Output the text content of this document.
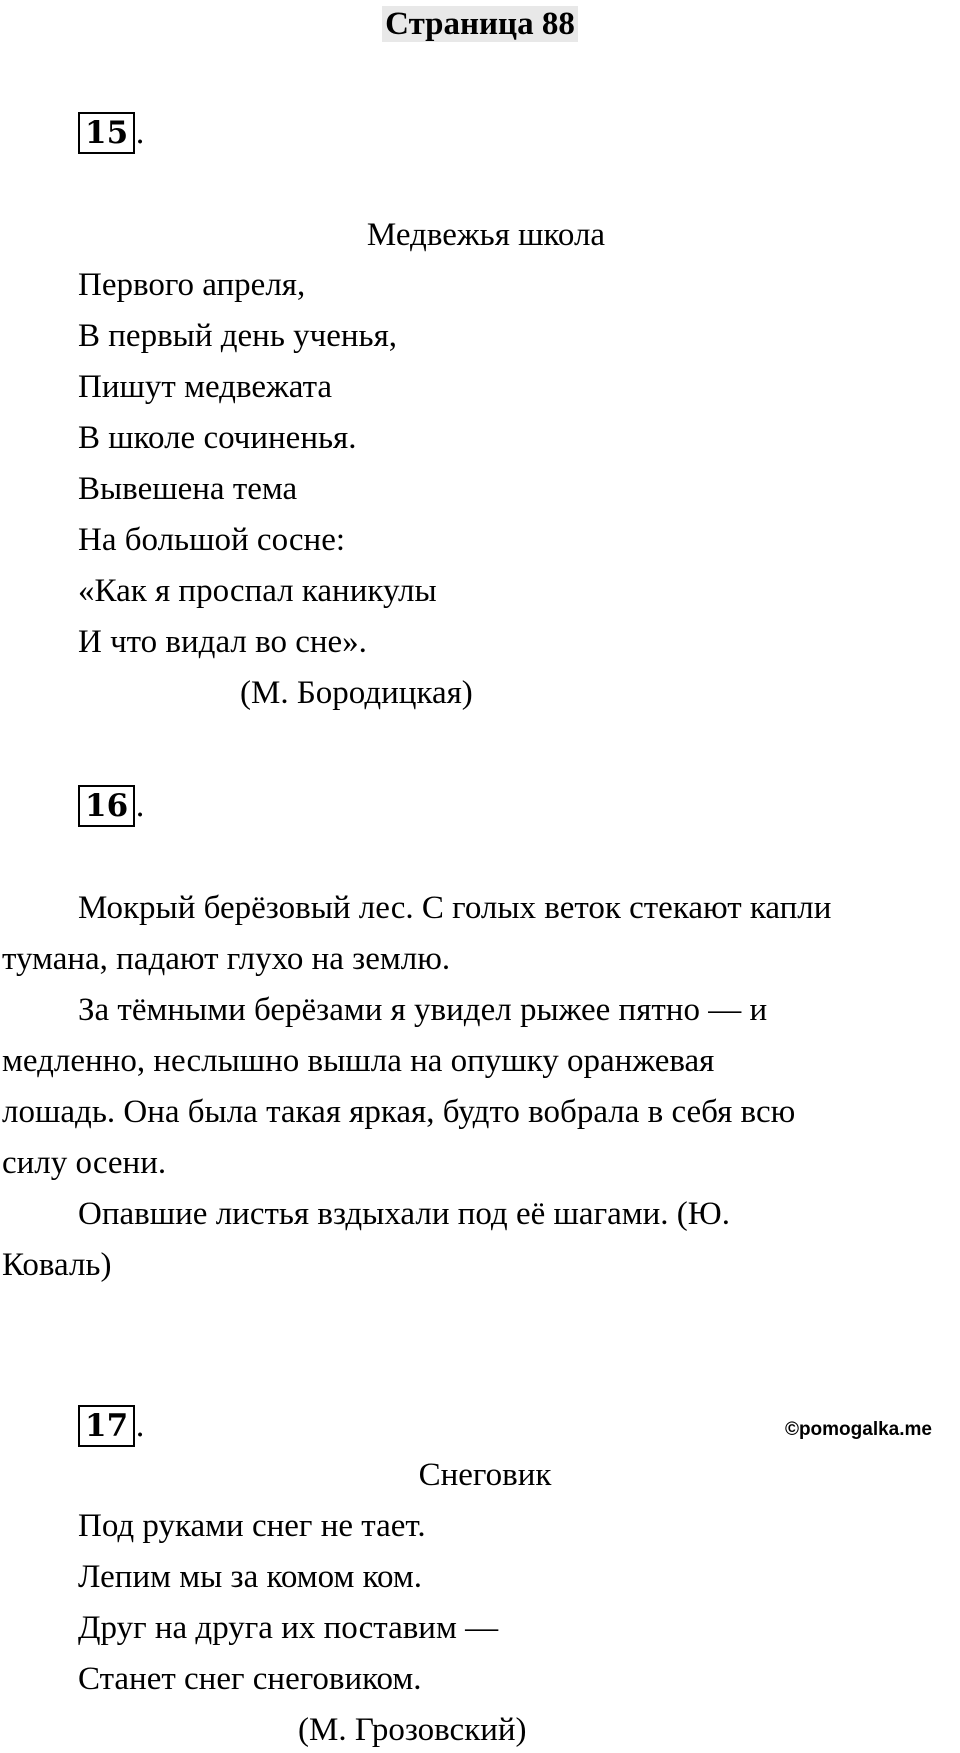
Страница 88
15 .
Медвежья школа
Первого апреля,
В первый день ученья,
Пишут медвежата
В школе сочиненья.
Вывешена тема
На большой сосне:
«Как я проспал каникулы
И что видал во сне».
(М. Бородицкая)
16 .
Мокрый берёзовый лес. С голых веток стекают капли
тумана, падают глухо на землю.
За тёмными берёзами я увидел рыжее пятно — и
медленно, неслышно вышла на опушку оранжевая
лошадь. Она была такая яркая, будто вобрала в себя всю
силу осени.
Опавшие листья вздыхали под её шагами. (Ю.
Коваль)
17 .	©pomogalka.me
Снеговик
Под руками снег не тает.
Лепим мы за комом ком.
Друг на друга их поставим —
Станет снег снеговиком.
(М. Грозовский)
